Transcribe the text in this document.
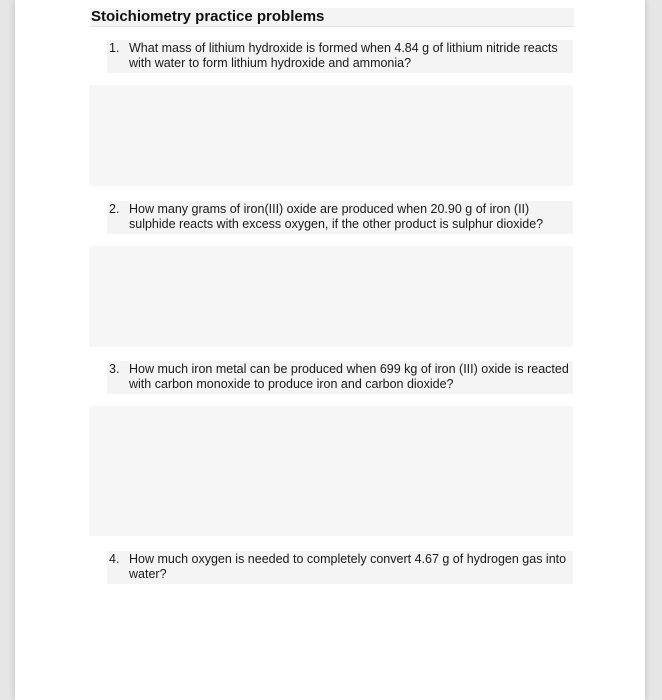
Stoichiometry practice problems
1. What mass of lithium hydroxide is formed when 4.84 g of lithium nitride reacts with water to form lithium hydroxide and ammonia?
2. How many grams of iron(III) oxide are produced when 20.90 g of iron (II) sulphide reacts with excess oxygen, if the other product is sulphur dioxide?
3. How much iron metal can be produced when 699 kg of iron (III) oxide is reacted with carbon monoxide to produce iron and carbon dioxide?
4. How much oxygen is needed to completely convert 4.67 g of hydrogen gas into water?
